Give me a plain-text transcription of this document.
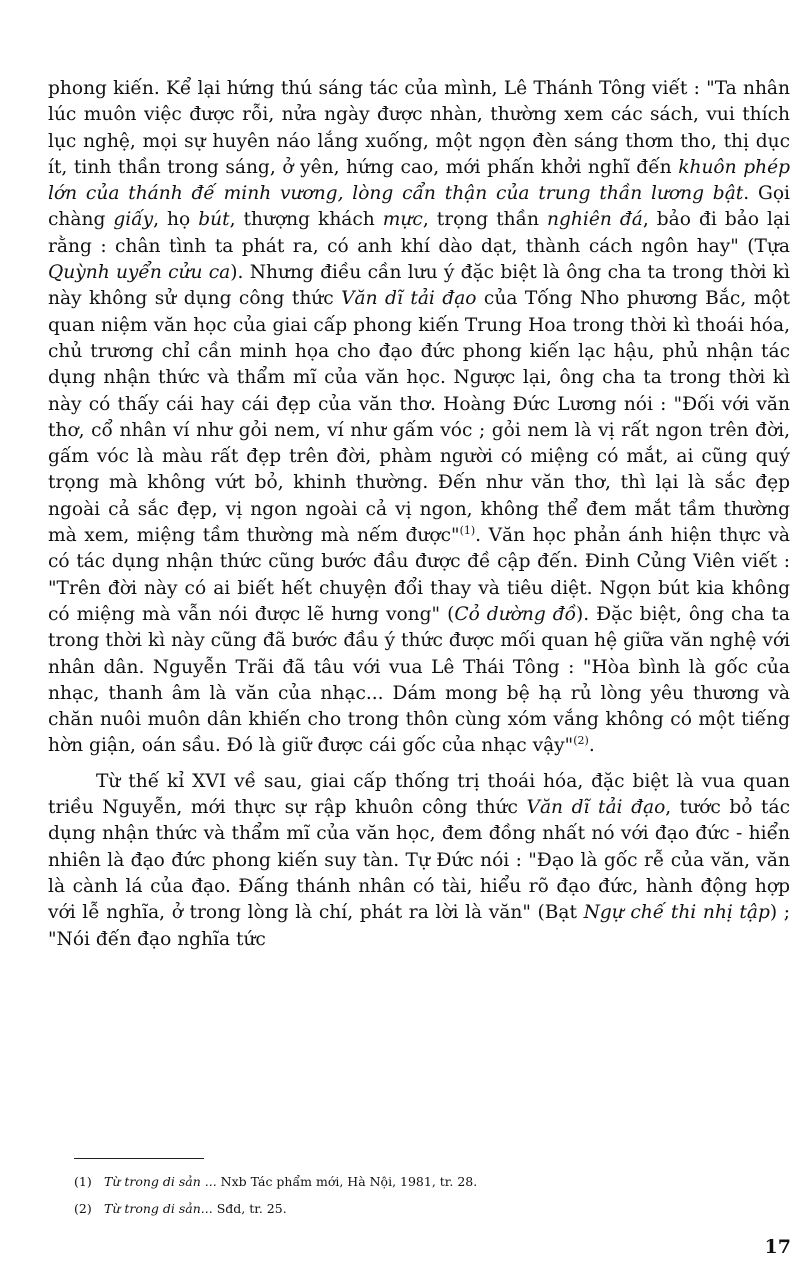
phong kiến. Kể lại hứng thú sáng tác của mình, Lê Thánh Tông viết : "Ta nhân lúc muôn việc được rỗi, nửa ngày được nhàn, thường xem các sách, vui thích lục nghệ, mọi sự huyên náo lắng xuống, một ngọn đèn sáng thơm tho, thị dục ít, tinh thần trong sáng, ở yên, hứng cao, mới phấn khởi nghĩ đến khuôn phép lớn của thánh đế minh vương, lòng cẩn thận của trung thần lương bật. Gọi chàng giấy, họ bút, thượng khách mực, trọng thần nghiên đá, bảo đi bảo lại rằng : chân tình ta phát ra, có anh khí dào dạt, thành cách ngôn hay" (Tựa Quỳnh uyển cửu ca). Nhưng điều cần lưu ý đặc biệt là ông cha ta trong thời kì này không sử dụng công thức Văn dĩ tải đạo của Tống Nho phương Bắc, một quan niệm văn học của giai cấp phong kiến Trung Hoa trong thời kì thoái hóa, chủ trương chỉ cần minh họa cho đạo đức phong kiến lạc hậu, phủ nhận tác dụng nhận thức và thẩm mĩ của văn học. Ngược lại, ông cha ta trong thời kì này có thấy cái hay cái đẹp của văn thơ. Hoàng Đức Lương nói : "Đối với văn thơ, cổ nhân ví như gỏi nem, ví như gấm vóc ; gỏi nem là vị rất ngon trên đời, gấm vóc là màu rất đẹp trên đời, phàm người có miệng có mắt, ai cũng quý trọng mà không vứt bỏ, khinh thường. Đến như văn thơ, thì lại là sắc đẹp ngoài cả sắc đẹp, vị ngon ngoài cả vị ngon, không thể đem mắt tầm thường mà xem, miệng tầm thường mà nếm được"$^{(1)}$. Văn học phản ánh hiện thực và có tác dụng nhận thức cũng bước đầu được đề cập đến. Đinh Củng Viên viết : "Trên đời này có ai biết hết chuyện đổi thay và tiêu diệt. Ngọn bút kia không có miệng mà vẫn nói được lẽ hưng vong" (Cỏ dường đồ). Đặc biệt, ông cha ta trong thời kì này cũng đã bước đầu ý thức được mối quan hệ giữa văn nghệ với nhân dân. Nguyễn Trãi đã tâu với vua Lê Thái Tông : "Hòa bình là gốc của nhạc, thanh âm là văn của nhạc... Dám mong bệ hạ rủ lòng yêu thương và chăn nuôi muôn dân khiến cho trong thôn cùng xóm vắng không có một tiếng hờn giận, oán sầu. Đó là giữ được cái gốc của nhạc vậy"$^{(2)}$.

Từ thế kỉ XVI về sau, giai cấp thống trị thoái hóa, đặc biệt là vua quan triều Nguyễn, mới thực sự rập khuôn công thức Văn dĩ tải đạo, tước bỏ tác dụng nhận thức và thẩm mĩ của văn học, đem đồng nhất nó với đạo đức - hiển nhiên là đạo đức phong kiến suy tàn. Tự Đức nói : "Đạo là gốc rễ của văn, văn là cành lá của đạo. Đấng thánh nhân có tài, hiểu rõ đạo đức, hành động hợp với lễ nghĩa, ở trong lòng là chí, phát ra lời là văn" (Bạt Ngự chế thi nhị tập) ; "Nói đến đạo nghĩa tức

(1) Từ trong di sản ... Nxb Tác phẩm mới, Hà Nội, 1981, tr. 28.
(2) Từ trong di sản... Sđd, tr. 25.
17
